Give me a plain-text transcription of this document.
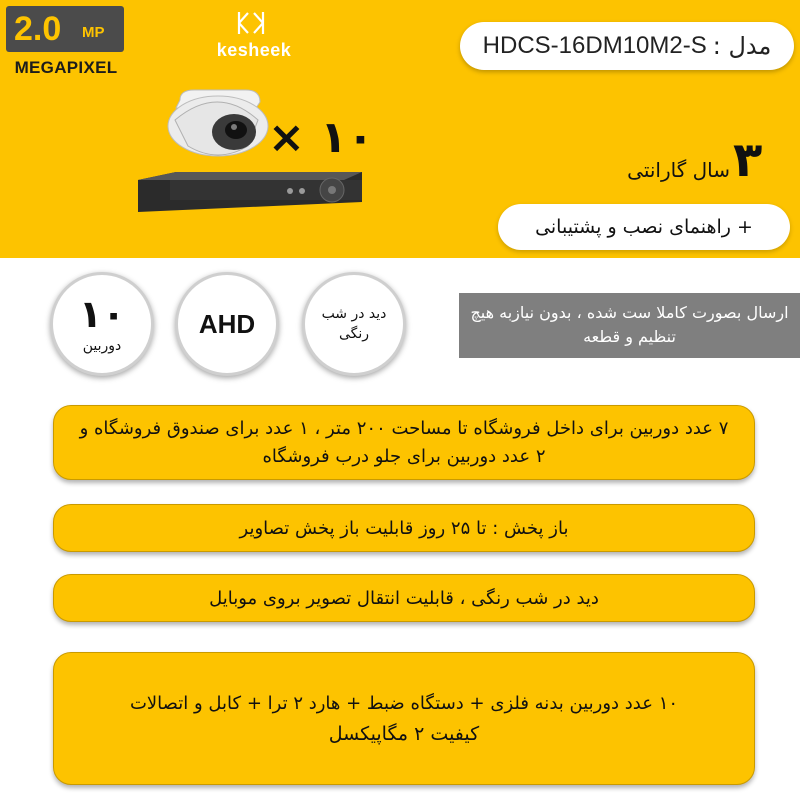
2.0 MP
MEGAPIXEL
kesheek	مدل :
HDCS-16DM10M2-S
× ۱۰	۳
سال گارانتی
+ راهنمای نصب و پشتیبانی
۱۰
دوربین
AHD	دید در شب رنگی
ارسال بصورت کاملا ست شده ، بدون نیازبه هیچ تنظیم و قطعه
۷ عدد دوربین برای داخل فروشگاه تا مساحت ۲۰۰ متر ، ۱ عدد برای صندوق فروشگاه و ۲ عدد دوربین برای جلو درب فروشگاه
باز پخش : تا ۲۵ روز قابلیت باز پخش تصاویر
دید در شب رنگی ، قابلیت انتقال تصویر بروی موبایل
۱۰ عدد دوربین بدنه فلزی + دستگاه ضبط + هارد ۲ ترا + کابل و اتصالات
کیفیت ۲ مگاپیکسل
